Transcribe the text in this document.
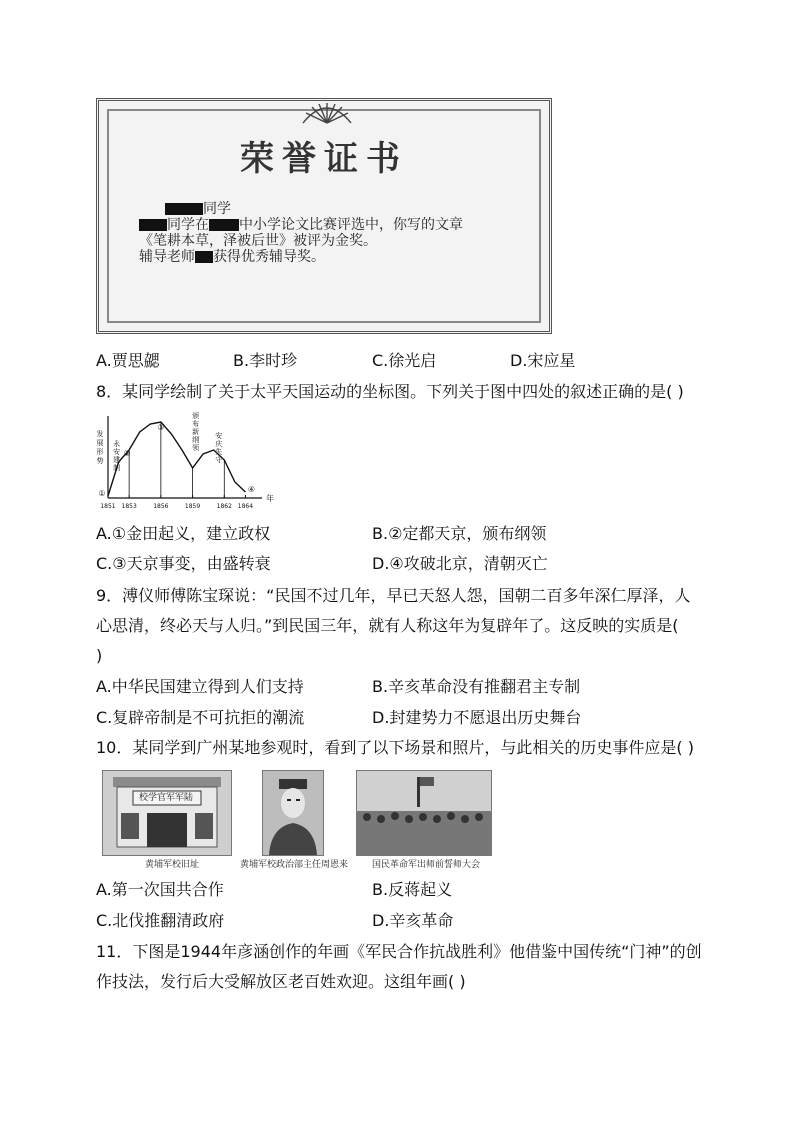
荣誉证书
同学
同学在 中小学论文比赛评选中，你写的文章
《笔耕本草，泽被后世》被评为金奖。
辅导老师 获得优秀辅导奖。
A.贾思勰	B.李时珍	C.徐光启	D.宋应星
8．某同学绘制了关于太平天国运动的坐标图。下列关于图中四处的叙述正确的是( )
1851 1853	1856	1859	1862 1864
年
发
展
形
势
永
安
建
制
颁
布
新
纲
领
安
庆
失
守
①
②
③
④
A.①金田起义，建立政权	B.②定都天京，颁布纲领
C.③天京事变，由盛转衰	D.④攻破北京，清朝灭亡
9．溥仪师傅陈宝琛说：“民国不过几年，早已天怒人怨，国朝二百多年深仁厚泽，人
心思清，终必天与人归。”到民国三年，就有人称这年为复辟年了。这反映的实质是(
)
A.中华民国建立得到人们支持	B.辛亥革命没有推翻君主专制
C.复辟帝制是不可抗拒的潮流	D.封建势力不愿退出历史舞台
10．某同学到广州某地参观时，看到了以下场景和照片，与此相关的历史事件应是( )
校学官军军陆
黄埔军校旧址	黄埔军校政治部主任周恩来	国民革命军出师前誓师大会
A.第一次国共合作	B.反蒋起义
C.北伐推翻清政府	D.辛亥革命
11．下图是1944年彦涵创作的年画《军民合作抗战胜利》他借鉴中国传统“门神”的创
作技法，发行后大受解放区老百姓欢迎。这组年画( )
